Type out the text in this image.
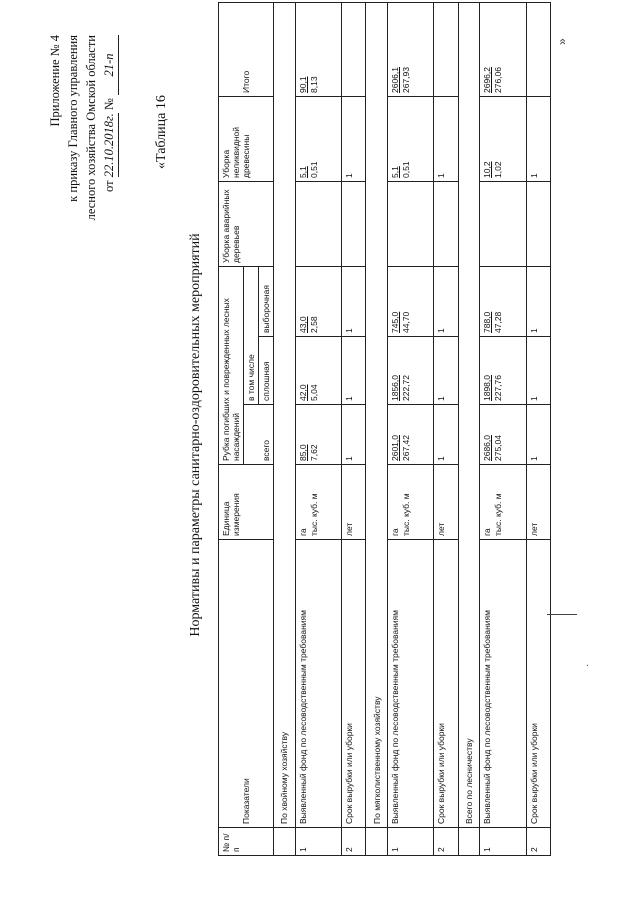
Приложение № 4 к приказу Главного управления лесного хозяйства Омской области от 22.10.2018г. № 21-п
«Таблица 16
Нормативы и параметры санитарно-оздоровительных мероприятий
№ п/п	Показатели	Единица измерения	Рубка погибших и поврежденных лесных насаждений			Уборка аварийных деревьев	Уборка неликвидной древесины	Итого
			всего	в том числе				
				сплошная	выборочная			
	По хвойному хозяйству							
1	Выявленный фонд по лесоводственным требованиям	га тыс. куб. м	85,0 7,62	42,0 5,04	43,0 2,58		5,1 0,51	90,1 8,13

2	Срок вырубки или уборки	лет	1	1	1		1	

	По мягколиственному хозяйству							
1	Выявленный фонд по лесоводственным требованиям	га тыс. куб. м	2601,0 267,42	1856,0 222,72	745,0 44,70		5,1 0,51	2606,1 267,93

2	Срок вырубки или уборки	лет	1	1	1		1	

	Всего по лесничеству							
1	Выявленный фонд по лесоводственным требованиям	га тыс. куб. м	2686,0 275,04	1898,0 227,76	788,0 47,28		10,2 1,02	2696,2 276,06

2	Срок вырубки или уборки	лет	1	1	1		1	

·
»
